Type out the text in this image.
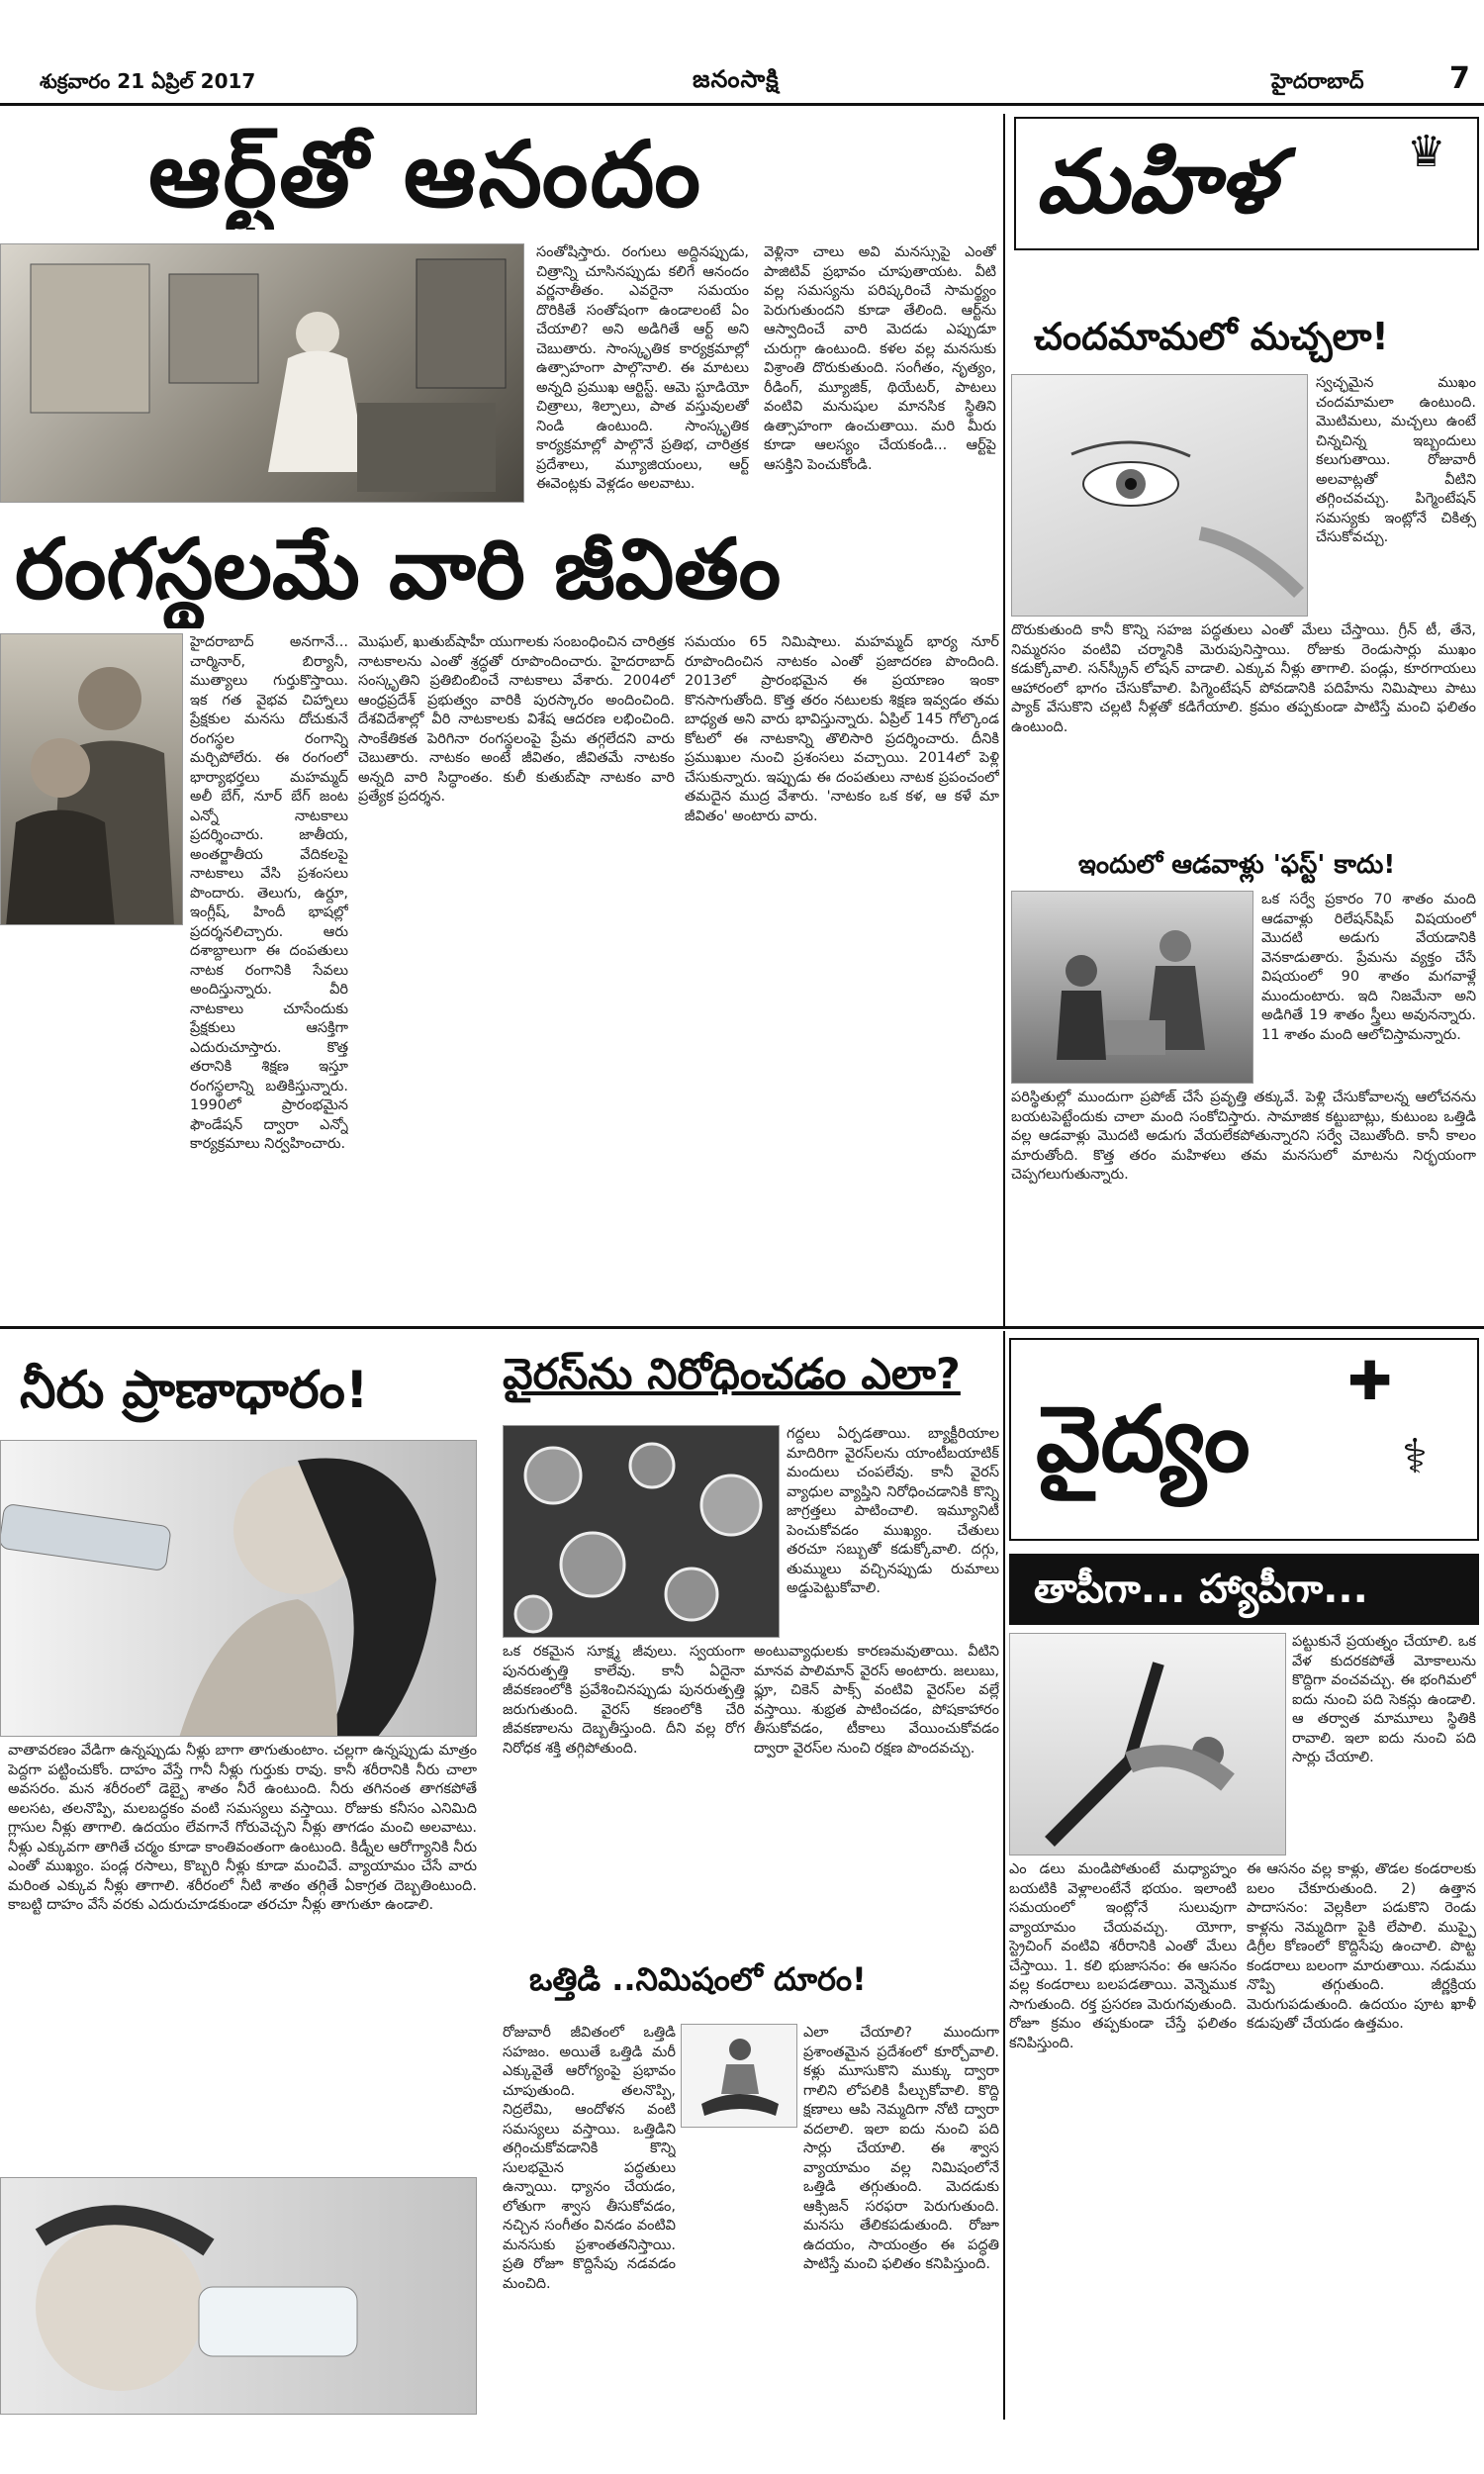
శుక్రవారం 21 ఏప్రిల్ 2017	జనంసాక్షి	హైదరాబాద్	7
ఆర్ట్‌తో ఆనందం
సంతోషిస్తారు. రంగులు అద్దినప్పుడు, చిత్రాన్ని చూసినప్పుడు కలిగే ఆనందం వర్ణనాతీతం. ఎవరైనా సమయం దొరికితే సంతోషంగా ఉండాలంటే ఏం చేయాలి? అని అడిగితే ఆర్ట్ అని చెబుతారు. సాంస్కృతిక కార్యక్రమాల్లో ఉత్సాహంగా పాల్గొనాలి. ఈ మాటలు అన్నది ప్రముఖ ఆర్టిస్ట్. ఆమె స్టూడియో చిత్రాలు, శిల్పాలు, పాత వస్తువులతో నిండి ఉంటుంది. సాంస్కృతిక కార్యక్రమాల్లో పాల్గొనే ప్రతిభ, చారిత్రక ప్రదేశాలు, మ్యూజియంలు, ఆర్ట్ ఈవెంట్లకు వెళ్లడం అలవాటు.
వెళ్లినా చాలు అవి మనస్సుపై ఎంతో పాజిటివ్ ప్రభావం చూపుతాయట. వీటి వల్ల సమస్యను పరిష్కరించే సామర్థ్యం పెరుగుతుందని కూడా తేలింది. ఆర్ట్‌ను ఆస్వాదించే వారి మెదడు ఎప్పుడూ చురుగ్గా ఉంటుంది. కళల వల్ల మనసుకు విశ్రాంతి దొరుకుతుంది. సంగీతం, నృత్యం, రీడింగ్, మ్యూజిక్, థియేటర్, పాటలు వంటివి మనుషుల మానసిక స్థితిని ఉత్సాహంగా ఉంచుతాయి. మరి మీరు కూడా ఆలస్యం చేయకండి... ఆర్ట్‌పై ఆసక్తిని పెంచుకోండి.
రంగస్థలమే వారి జీవితం
హైదరాబాద్ అనగానే... చార్మినార్, బిర్యానీ, ముత్యాలు గుర్తుకొస్తాయి. ఇక గత వైభవ చిహ్నాలు ప్రేక్షకుల మనసు దోచుకునే రంగస్థల రంగాన్ని మర్చిపోలేరు. ఈ రంగంలో భార్యాభర్తలు మహమ్మద్ అలీ బేగ్, నూర్ బేగ్ జంట ఎన్నో నాటకాలు ప్రదర్శించారు. జాతీయ, అంతర్జాతీయ వేదికలపై నాటకాలు వేసి ప్రశంసలు పొందారు. తెలుగు, ఉర్దూ, ఇంగ్లీష్, హిందీ భాషల్లో ప్రదర్శనలిచ్చారు. ఆరు దశాబ్దాలుగా ఈ దంపతులు నాటక రంగానికి సేవలు అందిస్తున్నారు. వీరి నాటకాలు చూసేందుకు ప్రేక్షకులు ఆసక్తిగా ఎదురుచూస్తారు. కొత్త తరానికి శిక్షణ ఇస్తూ రంగస్థలాన్ని బతికిస్తున్నారు. 1990లో ప్రారంభమైన ఫౌండేషన్ ద్వారా ఎన్నో కార్యక్రమాలు నిర్వహించారు.
మొఘల్, ఖుతుబ్‌షాహీ యుగాలకు సంబంధించిన చారిత్రక నాటకాలను ఎంతో శ్రద్ధతో రూపొందించారు. హైదరాబాద్ సంస్కృతిని ప్రతిబింబించే నాటకాలు వేశారు. 2004లో ఆంధ్రప్రదేశ్ ప్రభుత్వం వారికి పురస్కారం అందించింది. దేశవిదేశాల్లో వీరి నాటకాలకు విశేష ఆదరణ లభించింది. సాంకేతికత పెరిగినా రంగస్థలంపై ప్రేమ తగ్గలేదని వారు చెబుతారు. నాటకం అంటే జీవితం, జీవితమే నాటకం అన్నది వారి సిద్ధాంతం. కులీ కుతుబ్‌షా నాటకం వారి ప్రత్యేక ప్రదర్శన.
సమయం 65 నిమిషాలు. మహమ్మద్ భార్య నూర్ రూపొందించిన నాటకం ఎంతో ప్రజాదరణ పొందింది. 2013లో ప్రారంభమైన ఈ ప్రయాణం ఇంకా కొనసాగుతోంది. కొత్త తరం నటులకు శిక్షణ ఇవ్వడం తమ బాధ్యత అని వారు భావిస్తున్నారు. ఏప్రిల్ 145 గోల్కొండ కోటలో ఈ నాటకాన్ని తొలిసారి ప్రదర్శించారు. దీనికి ప్రముఖుల నుంచి ప్రశంసలు వచ్చాయి. 2014లో పెళ్లి చేసుకున్నారు. ఇప్పుడు ఈ దంపతులు నాటక ప్రపంచంలో తమదైన ముద్ర వేశారు. 'నాటకం ఒక కళ, ఆ కళే మా జీవితం' అంటారు వారు.
మహిళ	♛
చందమామలో మచ్చలా!
స్వచ్ఛమైన ముఖం చందమామలా ఉంటుంది. మొటిమలు, మచ్చలు ఉంటే చిన్నచిన్న ఇబ్బందులు కలుగుతాయి. రోజువారీ అలవాట్లతో వీటిని తగ్గించవచ్చు. పిగ్మెంటేషన్ సమస్యకు ఇంట్లోనే చికిత్స చేసుకోవచ్చు.
దొరుకుతుంది కానీ కొన్ని సహజ పద్ధతులు ఎంతో మేలు చేస్తాయి. గ్రీన్ టీ, తేనె, నిమ్మరసం వంటివి చర్మానికి మెరుపునిస్తాయి. రోజుకు రెండుసార్లు ముఖం కడుక్కోవాలి. సన్‌స్క్రీన్ లోషన్ వాడాలి. ఎక్కువ నీళ్లు తాగాలి. పండ్లు, కూరగాయలు ఆహారంలో భాగం చేసుకోవాలి. పిగ్మెంటేషన్ పోవడానికి పదిహేను నిమిషాలు పాటు ప్యాక్ వేసుకొని చల్లటి నీళ్లతో కడిగేయాలి. క్రమం తప్పకుండా పాటిస్తే మంచి ఫలితం ఉంటుంది.
ఇందులో ఆడవాళ్లు 'ఫస్ట్' కాదు!
ఒక సర్వే ప్రకారం 70 శాతం మంది ఆడవాళ్లు రిలేషన్‌షిప్ విషయంలో మొదటి అడుగు వేయడానికి వెనకాడుతారు. ప్రేమను వ్యక్తం చేసే విషయంలో 90 శాతం మగవాళ్లే ముందుంటారు. ఇది నిజమేనా అని అడిగితే 19 శాతం స్త్రీలు అవునన్నారు. 11 శాతం మంది ఆలోచిస్తామన్నారు.
పరిస్థితుల్లో ముందుగా ప్రపోజ్ చేసే ప్రవృత్తి తక్కువే. పెళ్లి చేసుకోవాలన్న ఆలోచనను బయటపెట్టేందుకు చాలా మంది సంకోచిస్తారు. సామాజిక కట్టుబాట్లు, కుటుంబ ఒత్తిడి వల్ల ఆడవాళ్లు మొదటి అడుగు వేయలేకపోతున్నారని సర్వే చెబుతోంది. కానీ కాలం మారుతోంది. కొత్త తరం మహిళలు తమ మనసులో మాటను నిర్భయంగా చెప్పగలుగుతున్నారు.
నీరు ప్రాణాధారం!
వాతావరణం వేడిగా ఉన్నప్పుడు నీళ్లు బాగా తాగుతుంటాం. చల్లగా ఉన్నప్పుడు మాత్రం పెద్దగా పట్టించుకోం. దాహం వేస్తే గానీ నీళ్లు గుర్తుకు రావు. కానీ శరీరానికి నీరు చాలా అవసరం. మన శరీరంలో డెబ్బై శాతం నీరే ఉంటుంది. నీరు తగినంత తాగకపోతే అలసట, తలనొప్పి, మలబద్ధకం వంటి సమస్యలు వస్తాయి. రోజుకు కనీసం ఎనిమిది గ్లాసుల నీళ్లు తాగాలి. ఉదయం లేవగానే గోరువెచ్చని నీళ్లు తాగడం మంచి అలవాటు. నీళ్లు ఎక్కువగా తాగితే చర్మం కూడా కాంతివంతంగా ఉంటుంది. కిడ్నీల ఆరోగ్యానికి నీరు ఎంతో ముఖ్యం. పండ్ల రసాలు, కొబ్బరి నీళ్లు కూడా మంచివే. వ్యాయామం చేసే వారు మరింత ఎక్కువ నీళ్లు తాగాలి. శరీరంలో నీటి శాతం తగ్గితే ఏకాగ్రత దెబ్బతింటుంది. కాబట్టి దాహం వేసే వరకు ఎదురుచూడకుండా తరచూ నీళ్లు తాగుతూ ఉండాలి.
వైరస్‌ను నిరోధించడం ఎలా?
గద్దలు ఏర్పడతాయి. బ్యాక్టీరియాల మాదిరిగా వైరస్‌లను యాంటీబయాటిక్ మందులు చంపలేవు. కానీ వైరస్ వ్యాధుల వ్యాప్తిని నిరోధించడానికి కొన్ని జాగ్రత్తలు పాటించాలి. ఇమ్యూనిటీ పెంచుకోవడం ముఖ్యం. చేతులు తరచూ సబ్బుతో కడుక్కోవాలి. దగ్గు, తుమ్ములు వచ్చినప్పుడు రుమాలు అడ్డుపెట్టుకోవాలి.
ఒక రకమైన సూక్ష్మ జీవులు. స్వయంగా పునరుత్పత్తి కాలేవు. కానీ ఏదైనా జీవకణంలోకి ప్రవేశించినప్పుడు పునరుత్పత్తి జరుగుతుంది. వైరస్ కణంలోకి చేరి జీవకణాలను దెబ్బతీస్తుంది. దీని వల్ల రోగ నిరోధక శక్తి తగ్గిపోతుంది.
అంటువ్యాధులకు కారణమవుతాయి. వీటిని మానవ పాలిమాన్ వైరస్ అంటారు. జలుబు, ఫ్లూ, చికెన్ పాక్స్ వంటివి వైరస్‌ల వల్లే వస్తాయి. శుభ్రత పాటించడం, పోషకాహారం తీసుకోవడం, టీకాలు వేయించుకోవడం ద్వారా వైరస్‌ల నుంచి రక్షణ పొందవచ్చు.
ఒత్తిడి ..నిమిషంలో దూరం!
రోజువారీ జీవితంలో ఒత్తిడి సహజం. అయితే ఒత్తిడి మరీ ఎక్కువైతే ఆరోగ్యంపై ప్రభావం చూపుతుంది. తలనొప్పి, నిద్రలేమి, ఆందోళన వంటి సమస్యలు వస్తాయి. ఒత్తిడిని తగ్గించుకోవడానికి కొన్ని సులభమైన పద్ధతులు ఉన్నాయి. ధ్యానం చేయడం, లోతుగా శ్వాస తీసుకోవడం, నచ్చిన సంగీతం వినడం వంటివి మనసుకు ప్రశాంతతనిస్తాయి. ప్రతి రోజూ కొద్దిసేపు నడవడం మంచిది.
ఎలా చేయాలి? ముందుగా ప్రశాంతమైన ప్రదేశంలో కూర్చోవాలి. కళ్లు మూసుకొని ముక్కు ద్వారా గాలిని లోపలికి పీల్చుకోవాలి. కొద్ది క్షణాలు ఆపి నెమ్మదిగా నోటి ద్వారా వదలాలి. ఇలా ఐదు నుంచి పది సార్లు చేయాలి. ఈ శ్వాస వ్యాయామం వల్ల నిమిషంలోనే ఒత్తిడి తగ్గుతుంది. మెదడుకు ఆక్సిజన్ సరఫరా పెరుగుతుంది. మనసు తేలికపడుతుంది. రోజూ ఉదయం, సాయంత్రం ఈ పద్ధతి పాటిస్తే మంచి ఫలితం కనిపిస్తుంది.
వైద్యం
✚
⚕
తాపీగా... హ్యాపీగా...
పట్టుకునే ప్రయత్నం చేయాలి. ఒక వేళ కుదరకపోతే మోకాలును కొద్దిగా వంచవచ్చు. ఈ భంగిమలో ఐదు నుంచి పది సెకన్లు ఉండాలి. ఆ తర్వాత మామూలు స్థితికి రావాలి. ఇలా ఐదు నుంచి పది సార్లు చేయాలి.
ఎం డలు మండిపోతుంటే మధ్యాహ్నం బయటికి వెళ్లాలంటేనే భయం. ఇలాంటి సమయంలో ఇంట్లోనే సులువుగా వ్యాయామం చేయవచ్చు. యోగా, స్ట్రెచింగ్ వంటివి శరీరానికి ఎంతో మేలు చేస్తాయి. 1. కలి భుజాసనం: ఈ ఆసనం వల్ల కండరాలు బలపడతాయి. వెన్నెముక సాగుతుంది. రక్త ప్రసరణ మెరుగవుతుంది. రోజూ క్రమం తప్పకుండా చేస్తే ఫలితం కనిపిస్తుంది.
ఈ ఆసనం వల్ల కాళ్లు, తొడల కండరాలకు బలం చేకూరుతుంది. 2) ఉత్తాన పాదాసనం: వెల్లకిలా పడుకొని రెండు కాళ్లను నెమ్మదిగా పైకి లేపాలి. ముప్పై డిగ్రీల కోణంలో కొద్దిసేపు ఉంచాలి. పొట్ట కండరాలు బలంగా మారుతాయి. నడుము నొప్పి తగ్గుతుంది. జీర్ణక్రియ మెరుగుపడుతుంది. ఉదయం పూట ఖాళీ కడుపుతో చేయడం ఉత్తమం.
